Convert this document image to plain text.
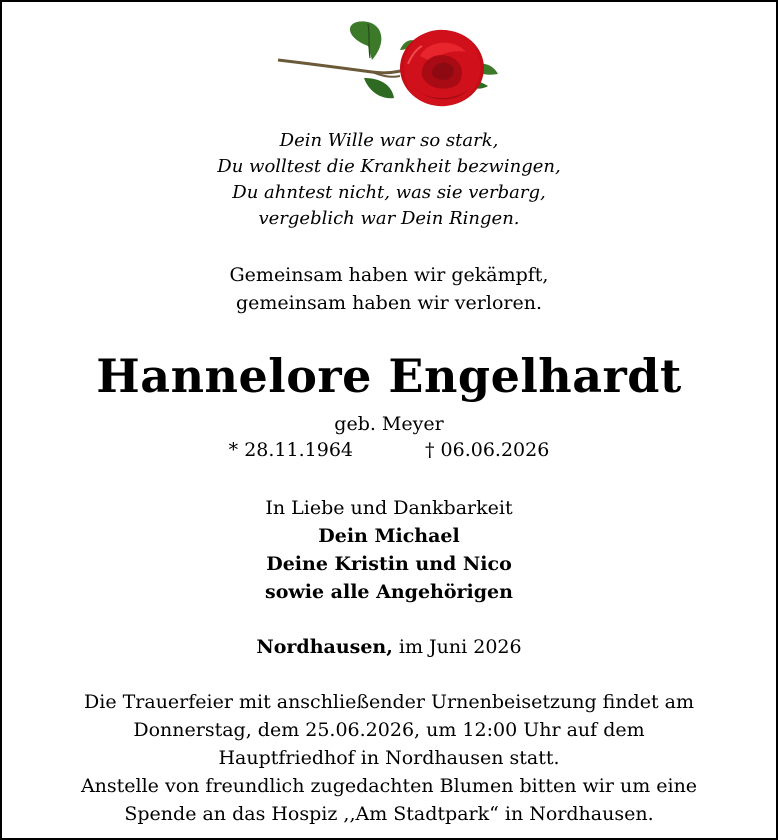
Dein Wille war so stark,
Du wolltest die Krankheit bezwingen,
Du ahntest nicht, was sie verbarg,
vergeblich war Dein Ringen.
Gemeinsam haben wir gekämpft,
gemeinsam haben wir verloren.
Hannelore Engelhardt
geb. Meyer
* 28.11.1964	† 06.06.2026
In Liebe und Dankbarkeit
Dein Michael
Deine Kristin und Nico
sowie alle Angehörigen
Nordhausen, im Juni 2026
Die Trauerfeier mit anschließender Urnenbeisetzung findet am
Donnerstag, dem 25.06.2026, um 12:00 Uhr auf dem
Hauptfriedhof in Nordhausen statt.
Anstelle von freundlich zugedachten Blumen bitten wir um eine
Spende an das Hospiz ,,Am Stadtpark“ in Nordhausen.
